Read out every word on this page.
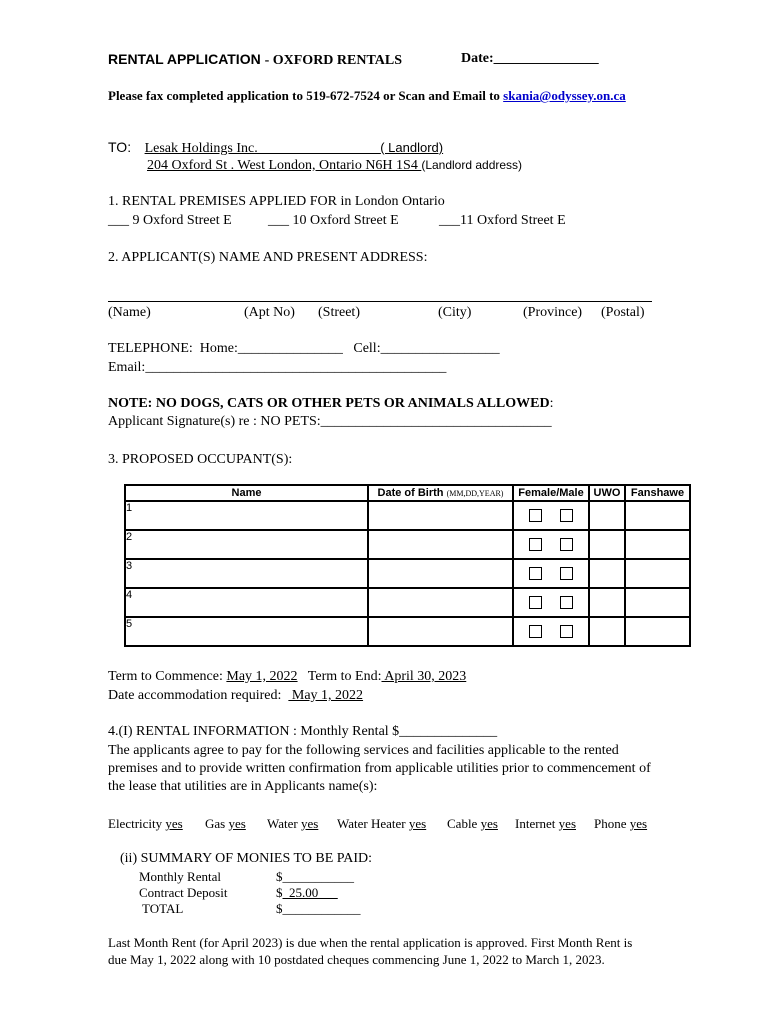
RENTAL APPLICATION - OXFORD RENTALS	Date:_______________
Please fax completed application to 519-672-7524 or Scan and Email to skania@odyssey.on.ca
TO: Lesak Holdings Inc.                                   ( Landlord)
204 Oxford St . West London, Ontario N6H 1S4 (Landlord address)
1. RENTAL PREMISES APPLIED FOR in London Ontario
___ 9 Oxford Street E	___ 10 Oxford Street E	___11 Oxford Street E
2. APPLICANT(S) NAME AND PRESENT ADDRESS:
(Name)	(Apt No) (Street)	(City)	(Province) (Postal)
TELEPHONE:  Home:_______________   Cell:_________________
Email:___________________________________________
NOTE: NO DOGS, CATS OR OTHER PETS OR ANIMALS ALLOWED:
Applicant Signature(s) re : NO PETS:_________________________________
3. PROPOSED OCCUPANT(S):
Name	Date of Birth (MM,DD,YEAR)	Female/Male	UWO	Fanshawe
1				
2				
3				
4				
5				
Term to Commence: May 1, 2022   Term to End: April 30, 2023
Date accommodation required:   May 1, 2022
4.(I) RENTAL INFORMATION : Monthly Rental $______________
The applicants agree to pay for the following services and facilities applicable to the rented
premises and to provide written confirmation from applicable utilities prior to commencement of
the lease that utilities are in Applicants name(s):
Electricity yes Gas yes Water yes Water Heater yes Cable yes Internet yes Phone yes
(ii) SUMMARY OF MONIES TO BE PAID:
Monthly Rental	$___________
Contract Deposit	$  25.00
TOTAL	$____________
Last Month Rent (for April 2023) is due when the rental application is approved. First Month Rent is
due May 1, 2022 along with 10 postdated cheques commencing June 1, 2022 to March 1, 2023.
